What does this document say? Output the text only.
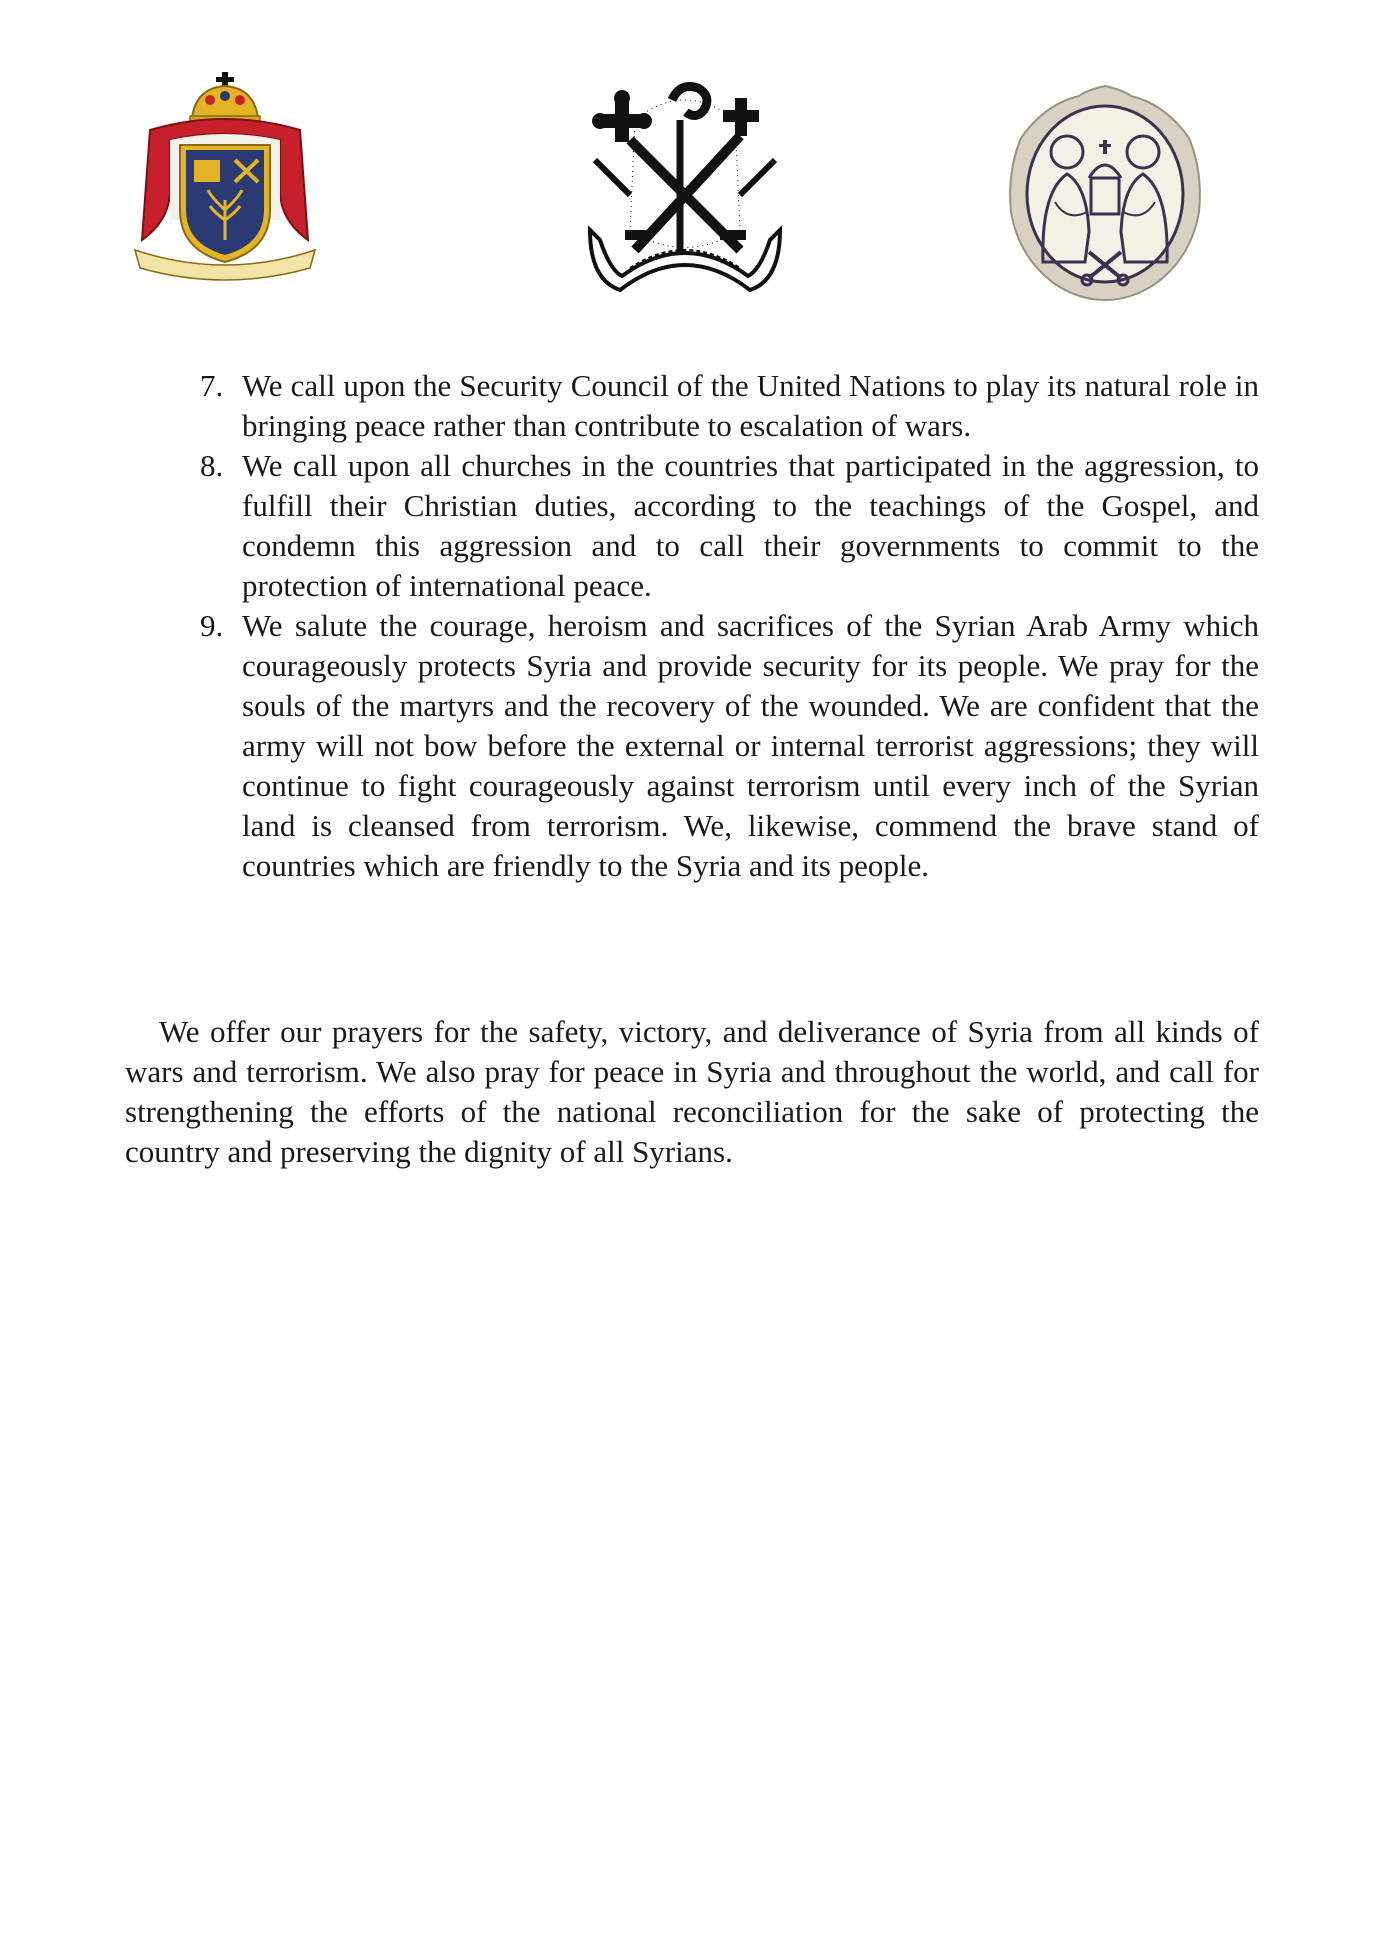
7. We call upon the Security Council of the United Nations to play its natural role in bringing peace rather than contribute to escalation of wars.
8. We call upon all churches in the countries that participated in the aggression, to fulfill their Christian duties, according to the teachings of the Gospel, and condemn this aggression and to call their governments to commit to the protection of international peace.
9. We salute the courage, heroism and sacrifices of the Syrian Arab Army which courageously protects Syria and provide security for its people. We pray for the souls of the martyrs and the recovery of the wounded. We are confident that the army will not bow before the external or internal terrorist aggressions; they will continue to fight courageously against terrorism until every inch of the Syrian land is cleansed from terrorism. We, likewise, commend the brave stand of countries which are friendly to the Syria and its people.

We offer our prayers for the safety, victory, and deliverance of Syria from all kinds of wars and terrorism. We also pray for peace in Syria and throughout the world, and call for strengthening the efforts of the national reconciliation for the sake of protecting the country and preserving the dignity of all Syrians.
